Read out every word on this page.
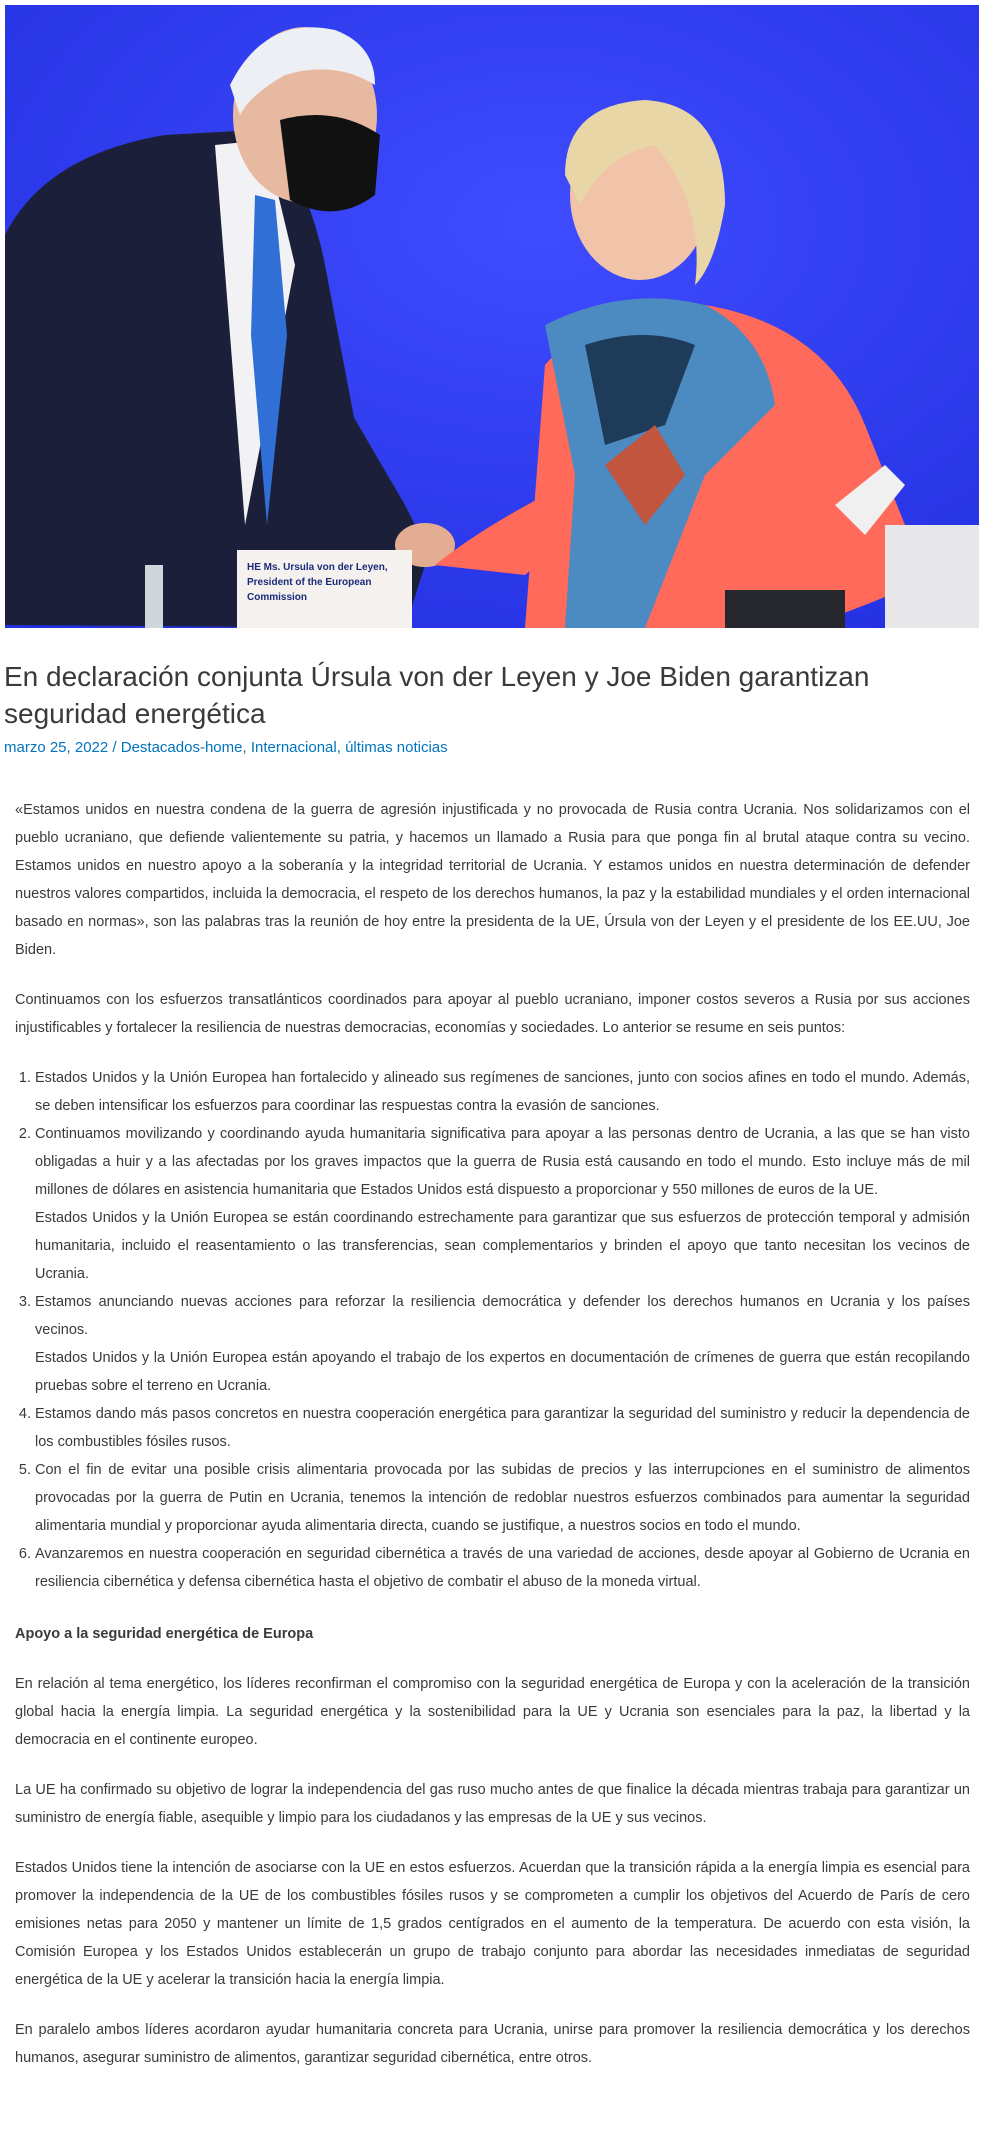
HE Ms. Ursula von der Leyen,
President of the European
Commission
En declaración conjunta Úrsula von der Leyen y Joe Biden garantizan seguridad energética
marzo 25, 2022 / Destacados-home, Internacional, últimas noticias

«Estamos unidos en nuestra condena de la guerra de agresión injustificada y no provocada de Rusia contra Ucrania. Nos solidarizamos con el pueblo ucraniano, que defiende valientemente su patria, y hacemos un llamado a Rusia para que ponga fin al brutal ataque contra su vecino. Estamos unidos en nuestro apoyo a la soberanía y la integridad territorial de Ucrania. Y estamos unidos en nuestra determinación de defender nuestros valores compartidos, incluida la democracia, el respeto de los derechos humanos, la paz y la estabilidad mundiales y el orden internacional basado en normas», son las palabras tras la reunión de hoy entre la presidenta de la UE, Úrsula von der Leyen y el presidente de los EE.UU, Joe Biden.

Continuamos con los esfuerzos transatlánticos coordinados para apoyar al pueblo ucraniano, imponer costos severos a Rusia por sus acciones injustificables y fortalecer la resiliencia de nuestras democracias, economías y sociedades. Lo anterior se resume en seis puntos:

1. Estados Unidos y la Unión Europea han fortalecido y alineado sus regímenes de sanciones, junto con socios afines en todo el mundo. Además, se deben intensificar los esfuerzos para coordinar las respuestas contra la evasión de sanciones.
2. Continuamos movilizando y coordinando ayuda humanitaria significativa para apoyar a las personas dentro de Ucrania, a las que se han visto obligadas a huir y a las afectadas por los graves impactos que la guerra de Rusia está causando en todo el mundo. Esto incluye más de mil millones de dólares en asistencia humanitaria que Estados Unidos está dispuesto a proporcionar y 550 millones de euros de la UE.
Estados Unidos y la Unión Europea se están coordinando estrechamente para garantizar que sus esfuerzos de protección temporal y admisión humanitaria, incluido el reasentamiento o las transferencias, sean complementarios y brinden el apoyo que tanto necesitan los vecinos de Ucrania.
3. Estamos anunciando nuevas acciones para reforzar la resiliencia democrática y defender los derechos humanos en Ucrania y los países vecinos.
Estados Unidos y la Unión Europea están apoyando el trabajo de los expertos en documentación de crímenes de guerra que están recopilando pruebas sobre el terreno en Ucrania.
4. Estamos dando más pasos concretos en nuestra cooperación energética para garantizar la seguridad del suministro y reducir la dependencia de los combustibles fósiles rusos.
5. Con el fin de evitar una posible crisis alimentaria provocada por las subidas de precios y las interrupciones en el suministro de alimentos provocadas por la guerra de Putin en Ucrania, tenemos la intención de redoblar nuestros esfuerzos combinados para aumentar la seguridad alimentaria mundial y proporcionar ayuda alimentaria directa, cuando se justifique, a nuestros socios en todo el mundo.
6. Avanzaremos en nuestra cooperación en seguridad cibernética a través de una variedad de acciones, desde apoyar al Gobierno de Ucrania en resiliencia cibernética y defensa cibernética hasta el objetivo de combatir el abuso de la moneda virtual.

Apoyo a la seguridad energética de Europa

En relación al tema energético, los líderes reconfirman el compromiso con la seguridad energética de Europa y con la aceleración de la transición global hacia la energía limpia. La seguridad energética y la sostenibilidad para la UE y Ucrania son esenciales para la paz, la libertad y la democracia en el continente europeo.

La UE ha confirmado su objetivo de lograr la independencia del gas ruso mucho antes de que finalice la década mientras trabaja para garantizar un suministro de energía fiable, asequible y limpio para los ciudadanos y las empresas de la UE y sus vecinos.

Estados Unidos tiene la intención de asociarse con la UE en estos esfuerzos. Acuerdan que la transición rápida a la energía limpia es esencial para promover la independencia de la UE de los combustibles fósiles rusos y se comprometen a cumplir los objetivos del Acuerdo de París de cero emisiones netas para 2050 y mantener un límite de 1,5 grados centígrados en el aumento de la temperatura. De acuerdo con esta visión, la Comisión Europea y los Estados Unidos establecerán un grupo de trabajo conjunto para abordar las necesidades inmediatas de seguridad energética de la UE y acelerar la transición hacia la energía limpia.

En paralelo ambos líderes acordaron ayudar humanitaria concreta para Ucrania, unirse para promover la resiliencia democrática y los derechos humanos, asegurar suministro de alimentos, garantizar seguridad cibernética, entre otros.
